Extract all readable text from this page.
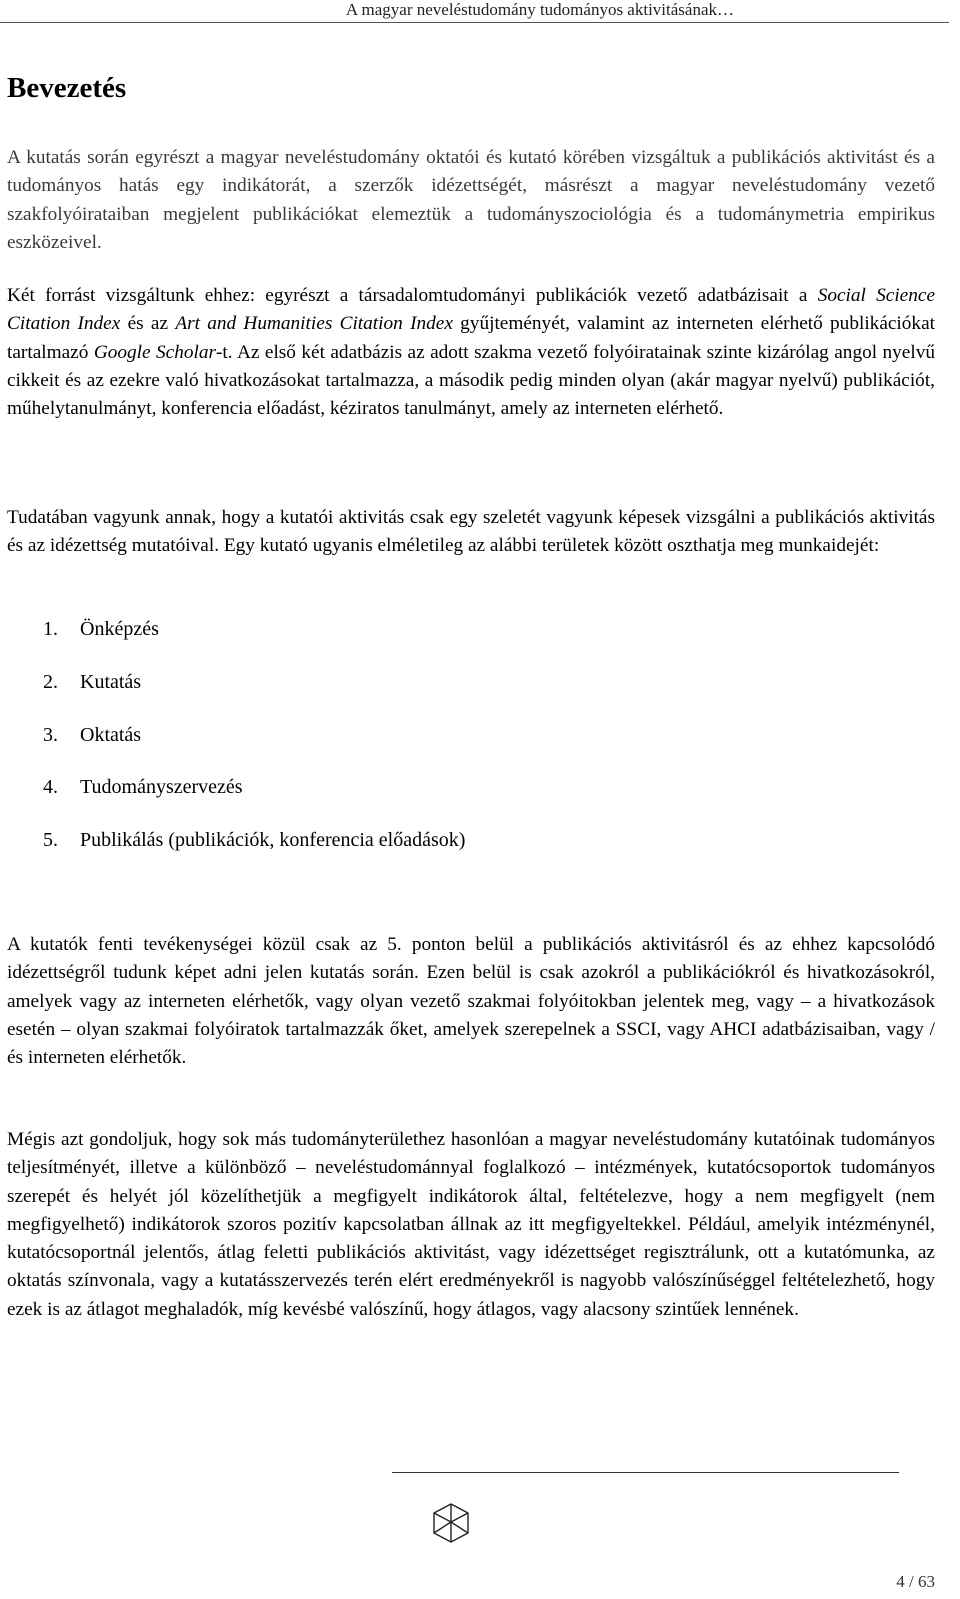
A magyar neveléstudomány tudományos aktivitásának…
Bevezetés

A kutatás során egyrészt a magyar neveléstudomány oktatói és kutató körében vizsgáltuk a publikációs aktivitást és a tudományos hatás egy indikátorát, a szerzők idézettségét, másrészt a magyar neveléstudomány vezető szakfolyóirataiban megjelent publikációkat elemeztük a tudományszociológia és a tudománymetria empirikus eszközeivel.

Két forrást vizsgáltunk ehhez: egyrészt a társadalomtudományi publikációk vezető adatbázisait a Social Science Citation Index és az Art and Humanities Citation Index gyűjteményét, valamint az interneten elérhető publikációkat tartalmazó Google Scholar-t. Az első két adatbázis az adott szakma vezető folyóiratainak szinte kizárólag angol nyelvű cikkeit és az ezekre való hivatkozásokat tartalmazza, a második pedig minden olyan (akár magyar nyelvű) publikációt, műhelytanulmányt, konferencia előadást, kéziratos tanulmányt, amely az interneten elérhető.

Tudatában vagyunk annak, hogy a kutatói aktivitás csak egy szeletét vagyunk képesek vizsgálni a publikációs aktivitás és az idézettség mutatóival. Egy kutató ugyanis elméletileg az alábbi területek között oszthatja meg munkaidejét:

1.	Önképzés
2.	Kutatás
3.	Oktatás
4.	Tudományszervezés
5.	Publikálás (publikációk, konferencia előadások)

A kutatók fenti tevékenységei közül csak az 5. ponton belül a publikációs aktivitásról és az ehhez kapcsolódó idézettségről tudunk képet adni jelen kutatás során. Ezen belül is csak azokról a publikációkról és hivatkozásokról, amelyek vagy az interneten elérhetők, vagy olyan vezető szakmai folyóitokban jelentek meg, vagy – a hivatkozások esetén – olyan szakmai folyóiratok tartalmazzák őket, amelyek szerepelnek a SSCI, vagy AHCI adatbázisaiban, vagy / és interneten elérhetők.

Mégis azt gondoljuk, hogy sok más tudományterülethez hasonlóan a magyar neveléstudomány kutatóinak tudományos teljesítményét, illetve a különböző – neveléstudománnyal foglalkozó – intézmények, kutatócsoportok tudományos szerepét és helyét jól közelíthetjük a megfigyelt indikátorok által, feltételezve, hogy a nem megfigyelt (nem megfigyelhető) indikátorok szoros pozitív kapcsolatban állnak az itt megfigyeltekkel. Például, amelyik intézménynél, kutatócsoportnál jelentős, átlag feletti publikációs aktivitást, vagy idézettséget regisztrálunk, ott a kutatómunka, az oktatás színvonala, vagy a kutatásszervezés terén elért eredményekről is nagyobb valószínűséggel feltételezhető, hogy ezek is az átlagot meghaladók, míg kevésbé valószínű, hogy átlagos, vagy alacsony szintűek lennének.

4 / 63
